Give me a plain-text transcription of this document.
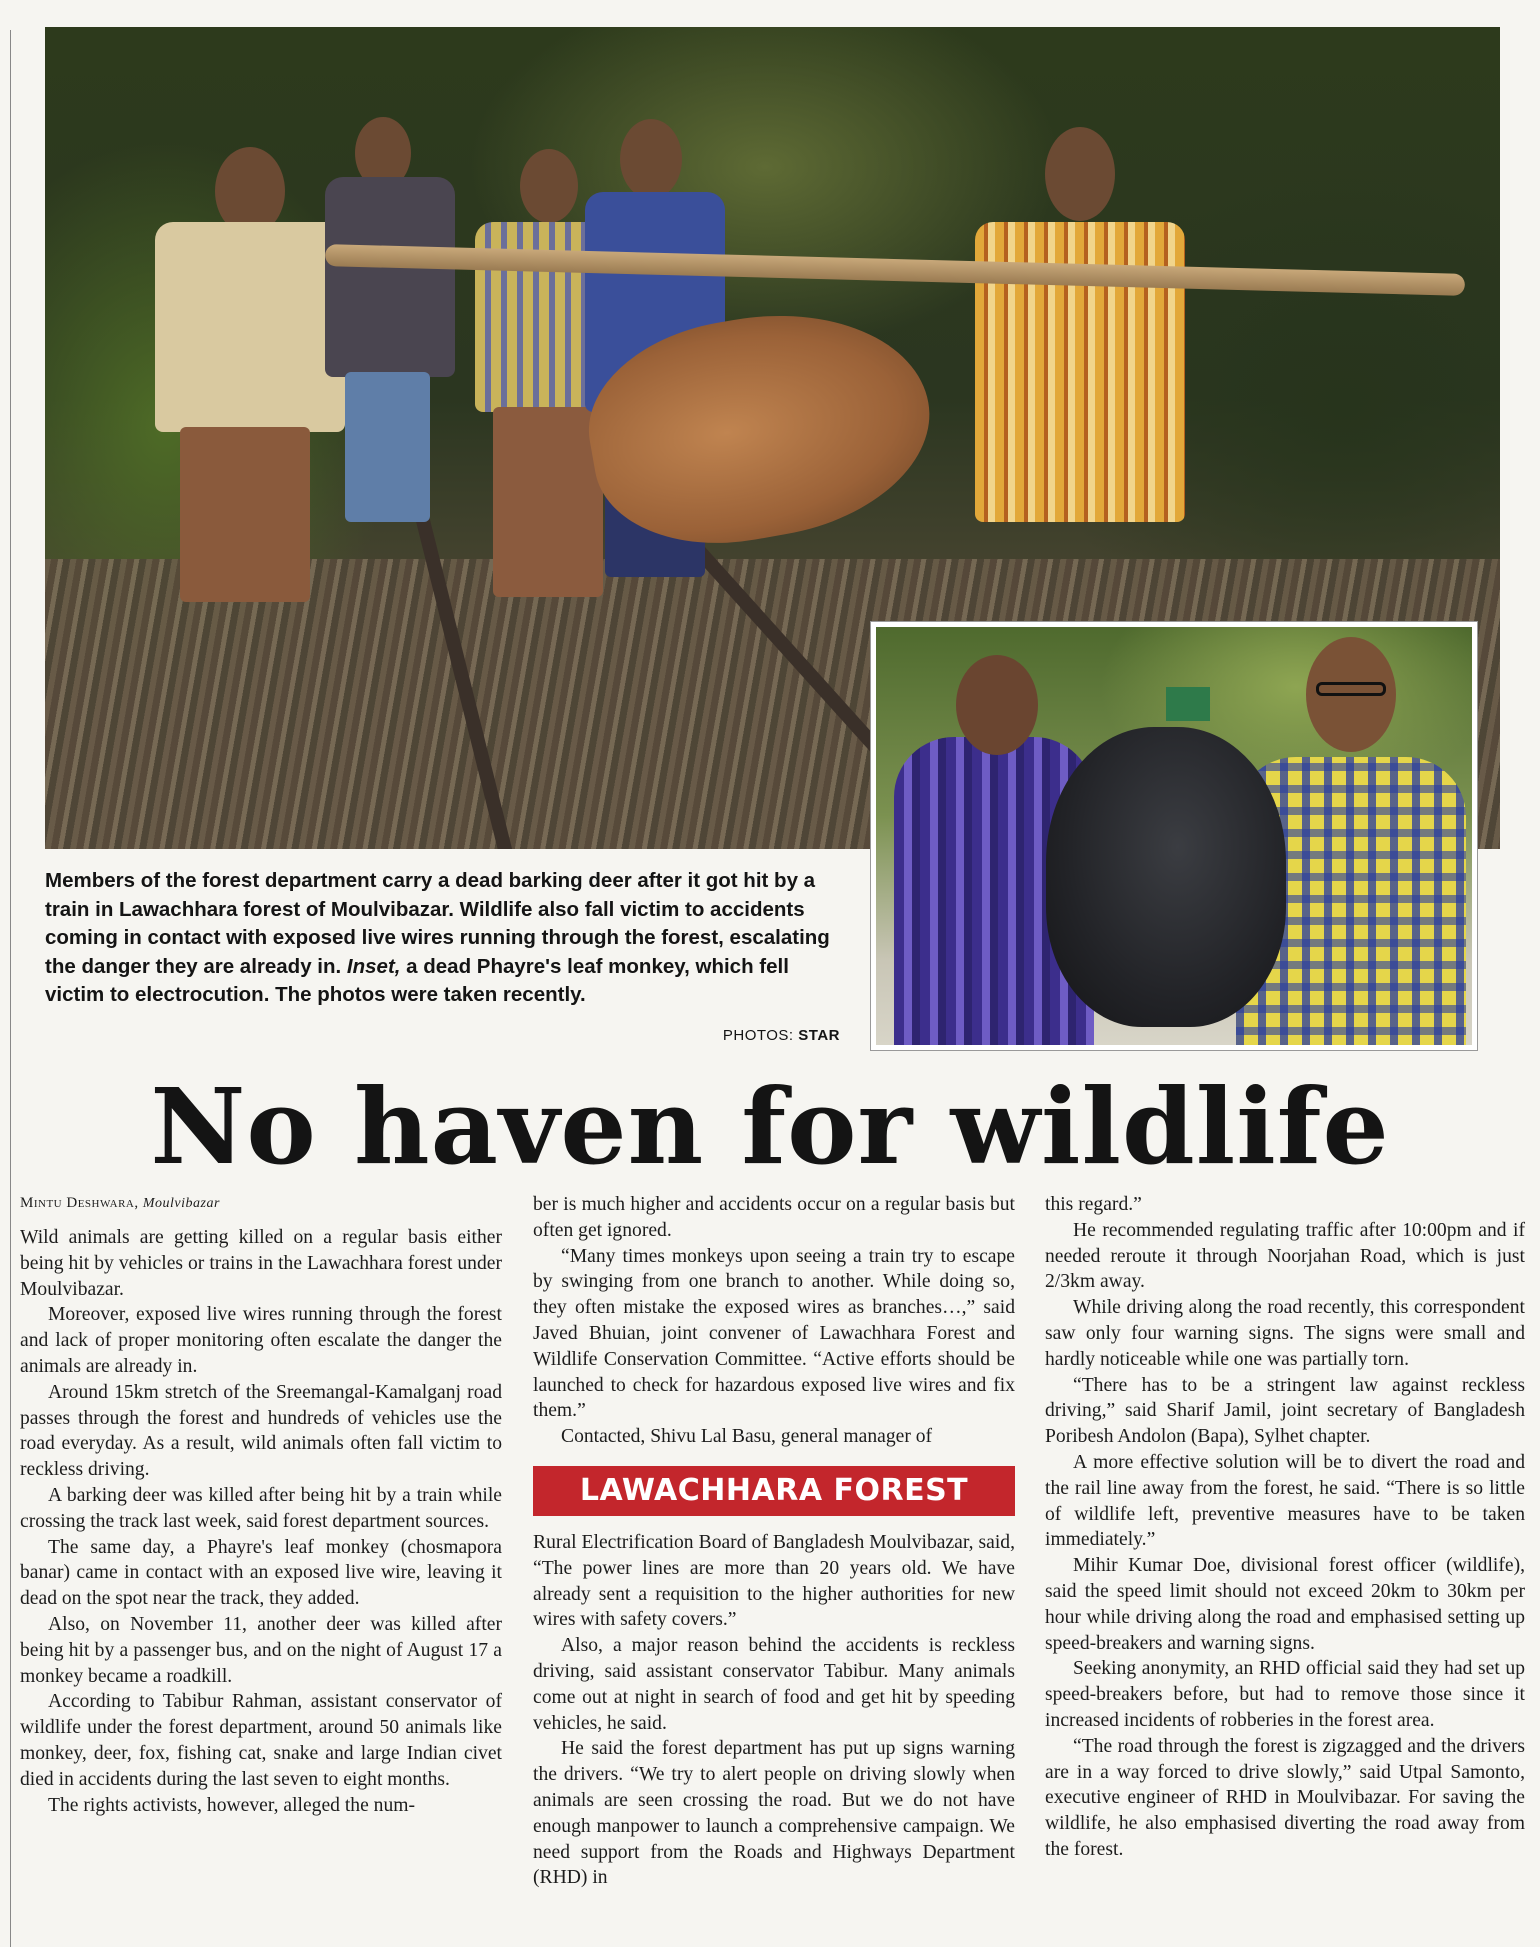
Members of the forest department carry a dead barking deer after it got hit by a train in Lawachhara forest of Moulvibazar. Wildlife also fall victim to accidents coming in contact with exposed live wires running through the forest, escalating the danger they are already in. Inset, a dead Phayre's leaf monkey, which fell victim to electrocution. The photos were taken recently.
PHOTOS: STAR
No haven for wildlife
Mintu Deshwara, Moulvibazar

Wild animals are getting killed on a regular basis either being hit by vehicles or trains in the Lawachhara forest under Moulvibazar.

Moreover, exposed live wires running through the forest and lack of proper monitoring often escalate the danger the animals are already in.

Around 15km stretch of the Sreemangal-Kamalganj road passes through the forest and hundreds of vehicles use the road everyday. As a result, wild animals often fall victim to reckless driving.

A barking deer was killed after being hit by a train while crossing the track last week, said forest department sources.

The same day, a Phayre's leaf monkey (chosmapora banar) came in contact with an exposed live wire, leaving it dead on the spot near the track, they added.

Also, on November 11, another deer was killed after being hit by a passenger bus, and on the night of August 17 a monkey became a roadkill.

According to Tabibur Rahman, assistant conservator of wildlife under the forest department, around 50 animals like monkey, deer, fox, fishing cat, snake and large Indian civet died in accidents during the last seven to eight months.

The rights activists, however, alleged the num-

ber is much higher and accidents occur on a regular basis but often get ignored.

“Many times monkeys upon seeing a train try to escape by swinging from one branch to another. While doing so, they often mistake the exposed wires as branches…,” said Javed Bhuian, joint convener of Lawachhara Forest and Wildlife Conservation Committee. “Active efforts should be launched to check for hazardous exposed live wires and fix them.”

Contacted, Shivu Lal Basu, general manager of

LAWACHHARA FOREST

Rural Electrification Board of Bangladesh Moulvibazar, said, “The power lines are more than 20 years old. We have already sent a requisition to the higher authorities for new wires with safety covers.”

Also, a major reason behind the accidents is reckless driving, said assistant conservator Tabibur. Many animals come out at night in search of food and get hit by speeding vehicles, he said.

He said the forest department has put up signs warning the drivers. “We try to alert people on driving slowly when animals are seen crossing the road. But we do not have enough manpower to launch a comprehensive campaign. We need support from the Roads and Highways Department (RHD) in

this regard.”

He recommended regulating traffic after 10:00pm and if needed reroute it through Noorjahan Road, which is just 2/3km away.

While driving along the road recently, this correspondent saw only four warning signs. The signs were small and hardly noticeable while one was partially torn.

“There has to be a stringent law against reckless driving,” said Sharif Jamil, joint secretary of Bangladesh Poribesh Andolon (Bapa), Sylhet chapter.

A more effective solution will be to divert the road and the rail line away from the forest, he said. “There is so little of wildlife left, preventive measures have to be taken immediately.”

Mihir Kumar Doe, divisional forest officer (wildlife), said the speed limit should not exceed 20km to 30km per hour while driving along the road and emphasised setting up speed-breakers and warning signs.

Seeking anonymity, an RHD official said they had set up speed-breakers before, but had to remove those since it increased incidents of robberies in the forest area.

“The road through the forest is zigzagged and the drivers are in a way forced to drive slowly,” said Utpal Samonto, executive engineer of RHD in Moulvibazar. For saving the wildlife, he also emphasised diverting the road away from the forest.
